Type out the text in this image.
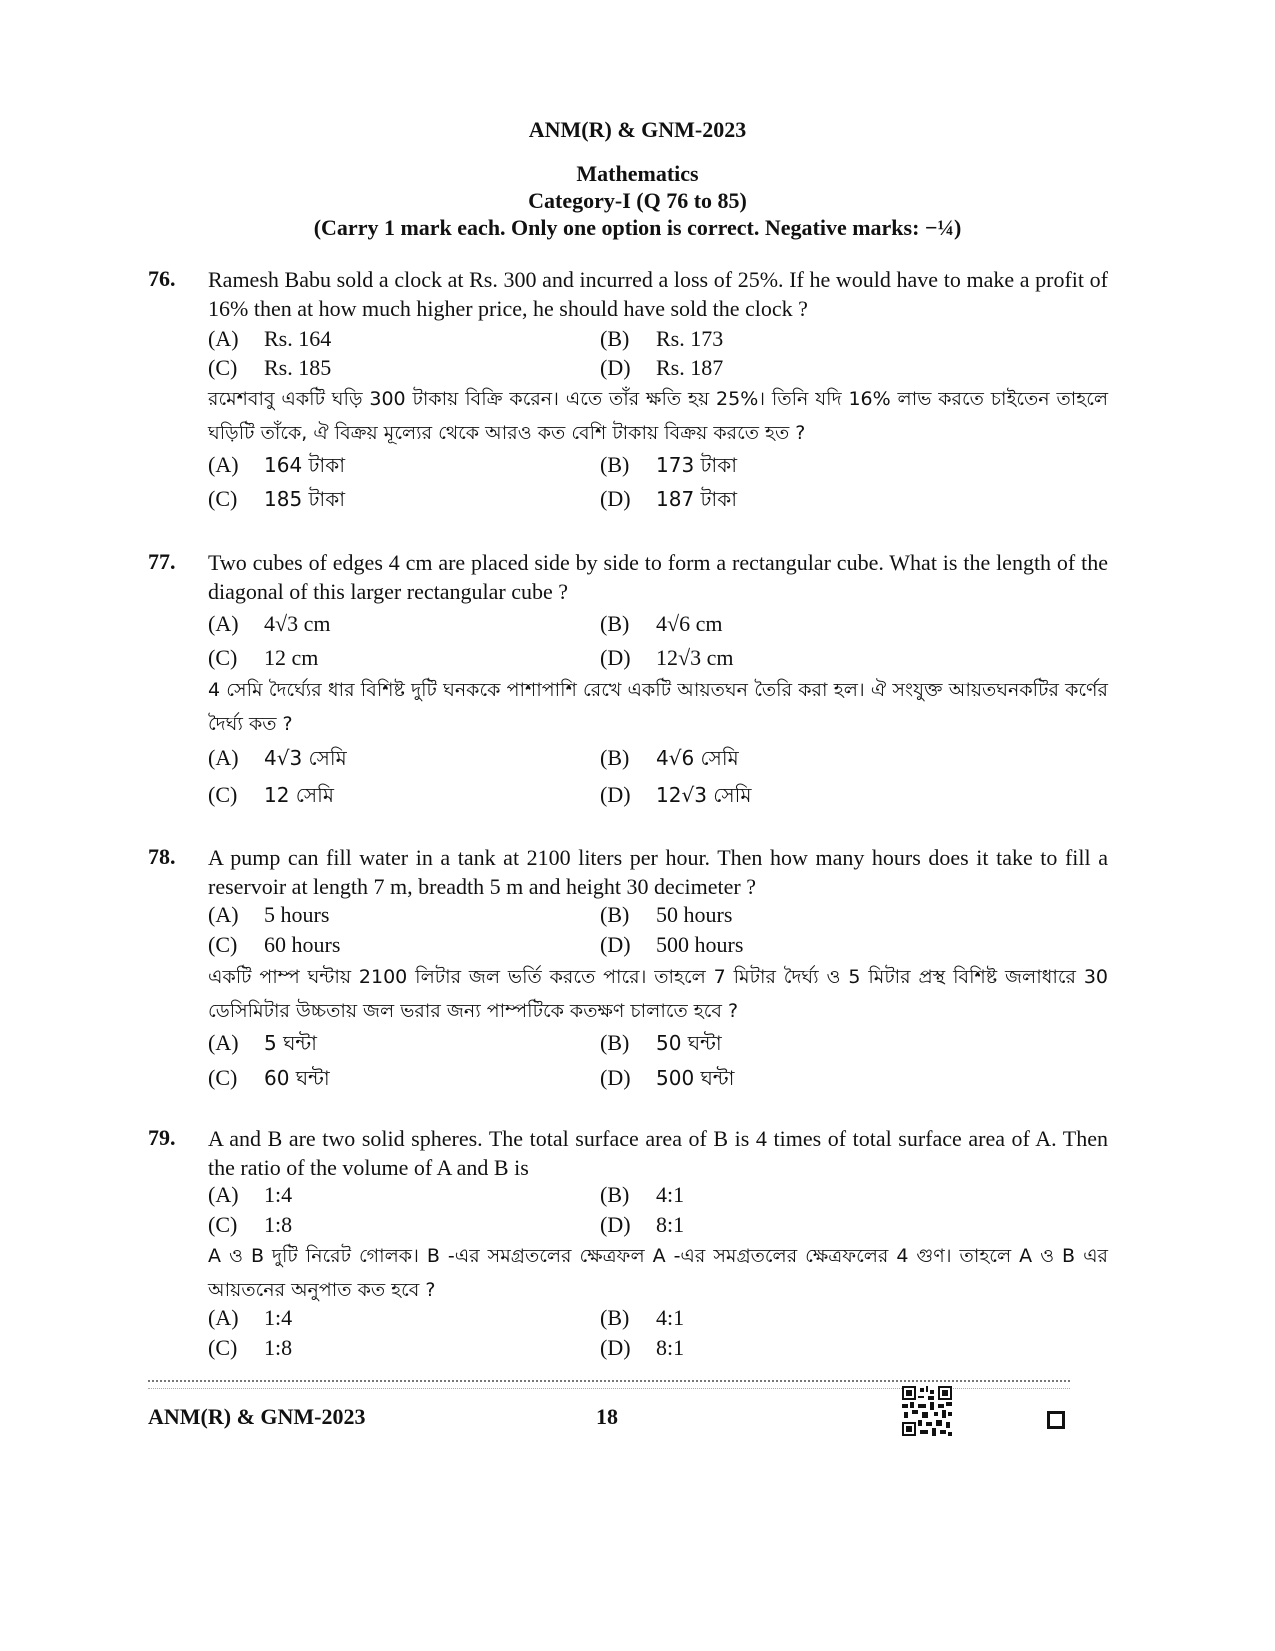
ANM(R) & GNM-2023
Mathematics
Category-I (Q 76 to 85)
(Carry 1 mark each. Only one option is correct. Negative marks: −¼)
76.	Ramesh Babu sold a clock at Rs. 300 and incurred a loss of 25%. If he would have to make a profit of 16% then at how much higher price, he should have sold the clock ?
(A) Rs. 164	(B) Rs. 173
(C) Rs. 185	(D) Rs. 187
রমেশবাবু একটি ঘড়ি 300 টাকায় বিক্রি করেন। এতে তাঁর ক্ষতি হয় 25%। তিনি যদি 16% লাভ করতে চাইতেন তাহলে ঘড়িটি তাঁকে, ঐ বিক্রয় মূল্যের থেকে আরও কত বেশি টাকায় বিক্রয় করতে হত ?
(A) 164 টাকা	(B) 173 টাকা
(C) 185 টাকা	(D) 187 টাকা
77.	Two cubes of edges 4 cm are placed side by side to form a rectangular cube. What is the length of the diagonal of this larger rectangular cube ?
(A) 4√3 cm	(B) 4√6 cm
(C) 12 cm	(D) 12√3 cm
4 সেমি দৈর্ঘ্যের ধার বিশিষ্ট দুটি ঘনককে পাশাপাশি রেখে একটি আয়তঘন তৈরি করা হল। ঐ সংযুক্ত আয়তঘনকটির কর্ণের দৈর্ঘ্য কত ?
(A) 4√3 সেমি	(B) 4√6 সেমি
(C) 12 সেমি	(D) 12√3 সেমি
78.	A pump can fill water in a tank at 2100 liters per hour. Then how many hours does it take to fill a reservoir at length 7 m, breadth 5 m and height 30 decimeter ?
(A) 5 hours	(B) 50 hours
(C) 60 hours	(D) 500 hours
একটি পাম্প ঘন্টায় 2100 লিটার জল ভর্তি করতে পারে। তাহলে 7 মিটার দৈর্ঘ্য ও 5 মিটার প্রস্থ বিশিষ্ট জলাধারে 30 ডেসিমিটার উচ্চতায় জল ভরার জন্য পাম্পটিকে কতক্ষণ চালাতে হবে ?
(A) 5 ঘন্টা	(B) 50 ঘন্টা
(C) 60 ঘন্টা	(D) 500 ঘন্টা
79.	A and B are two solid spheres. The total surface area of B is 4 times of total surface area of A. Then the ratio of the volume of A and B is
(A) 1:4	(B) 4:1
(C) 1:8	(D) 8:1
A ও B দুটি নিরেট গোলক। B -এর সমগ্রতলের ক্ষেত্রফল A -এর সমগ্রতলের ক্ষেত্রফলের 4 গুণ। তাহলে A ও B এর আয়তনের অনুপাত কত হবে ?
(A) 1:4	(B) 4:1
(C) 1:8	(D) 8:1
ANM(R) & GNM-2023	18
